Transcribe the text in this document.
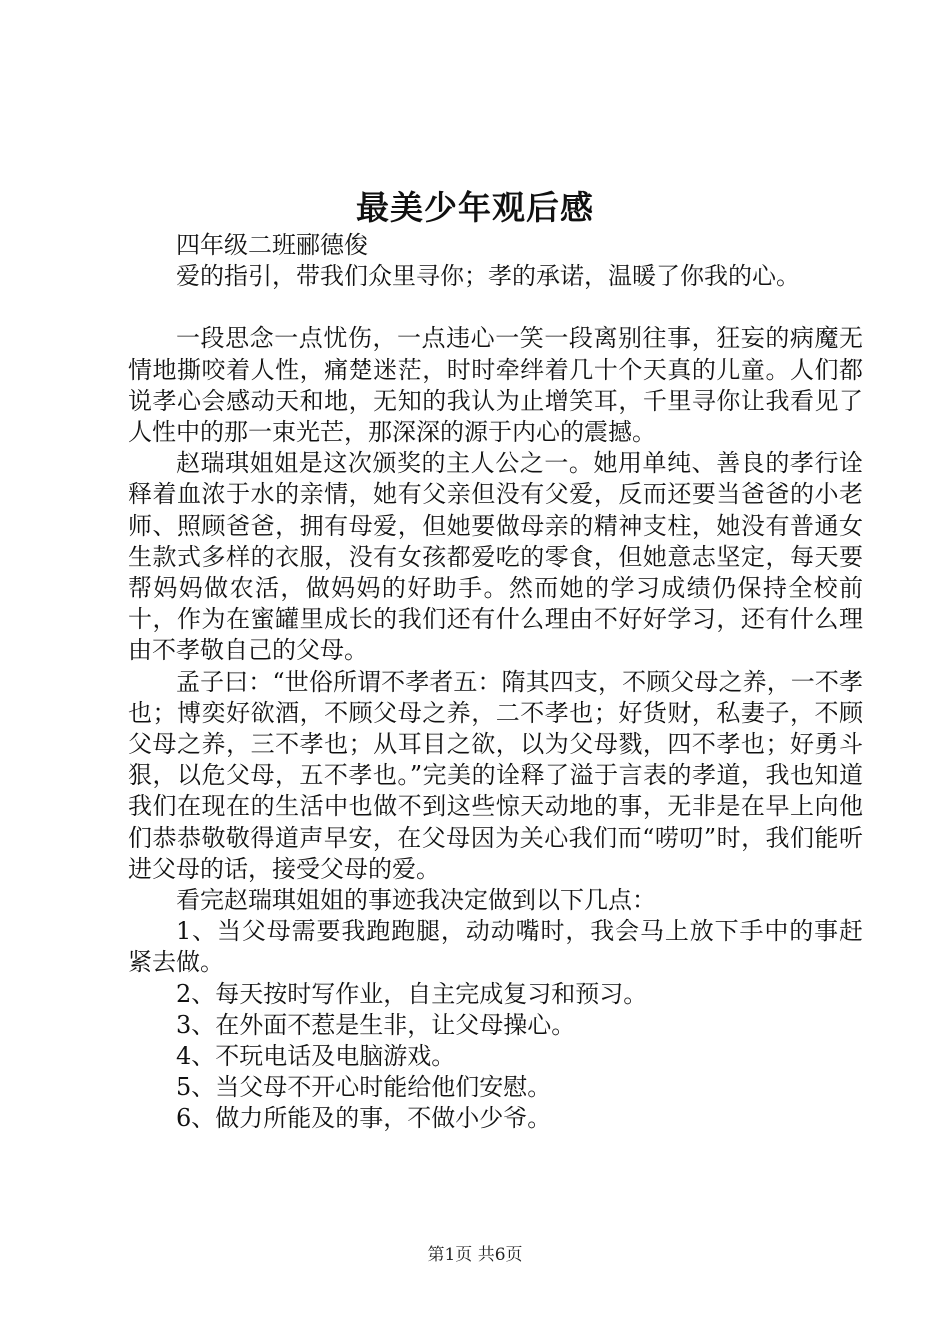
最美少年观后感

四年级二班郦德俊

爱的指引，带我们众里寻你；孝的承诺，温暖了你我的心。

一段思念一点忧伤，一点违心一笑一段离别往事，狂妄的病魔无情地撕咬着人性，痛楚迷茫，时时牵绊着几十个天真的儿童。人们都说孝心会感动天和地，无知的我认为止增笑耳，千里寻你让我看见了人性中的那一束光芒，那深深的源于内心的震撼。

赵瑞琪姐姐是这次颁奖的主人公之一。她用单纯、善良的孝行诠释着血浓于水的亲情，她有父亲但没有父爱，反而还要当爸爸的小老师、照顾爸爸，拥有母爱，但她要做母亲的精神支柱，她没有普通女生款式多样的衣服，没有女孩都爱吃的零食，但她意志坚定，每天要帮妈妈做农活，做妈妈的好助手。然而她的学习成绩仍保持全校前十，作为在蜜罐里成长的我们还有什么理由不好好学习，还有什么理由不孝敬自己的父母。

孟子曰：“世俗所谓不孝者五：隋其四支，不顾父母之养，一不孝也；博奕好欲酒，不顾父母之养，二不孝也；好货财，私妻子，不顾父母之养，三不孝也；从耳目之欲，以为父母戮，四不孝也；好勇斗狠，以危父母，五不孝也。”完美的诠释了溢于言表的孝道，我也知道我们在现在的生活中也做不到这些惊天动地的事，无非是在早上向他们恭恭敬敬得道声早安，在父母因为关心我们而“唠叨”时，我们能听进父母的话，接受父母的爱。

看完赵瑞琪姐姐的事迹我决定做到以下几点：

1、当父母需要我跑跑腿，动动嘴时，我会马上放下手中的事赶紧去做。

2、每天按时写作业，自主完成复习和预习。

3、在外面不惹是生非，让父母操心。

4、不玩电话及电脑游戏。

5、当父母不开心时能给他们安慰。

6、做力所能及的事，不做小少爷。

第1页 共6页
